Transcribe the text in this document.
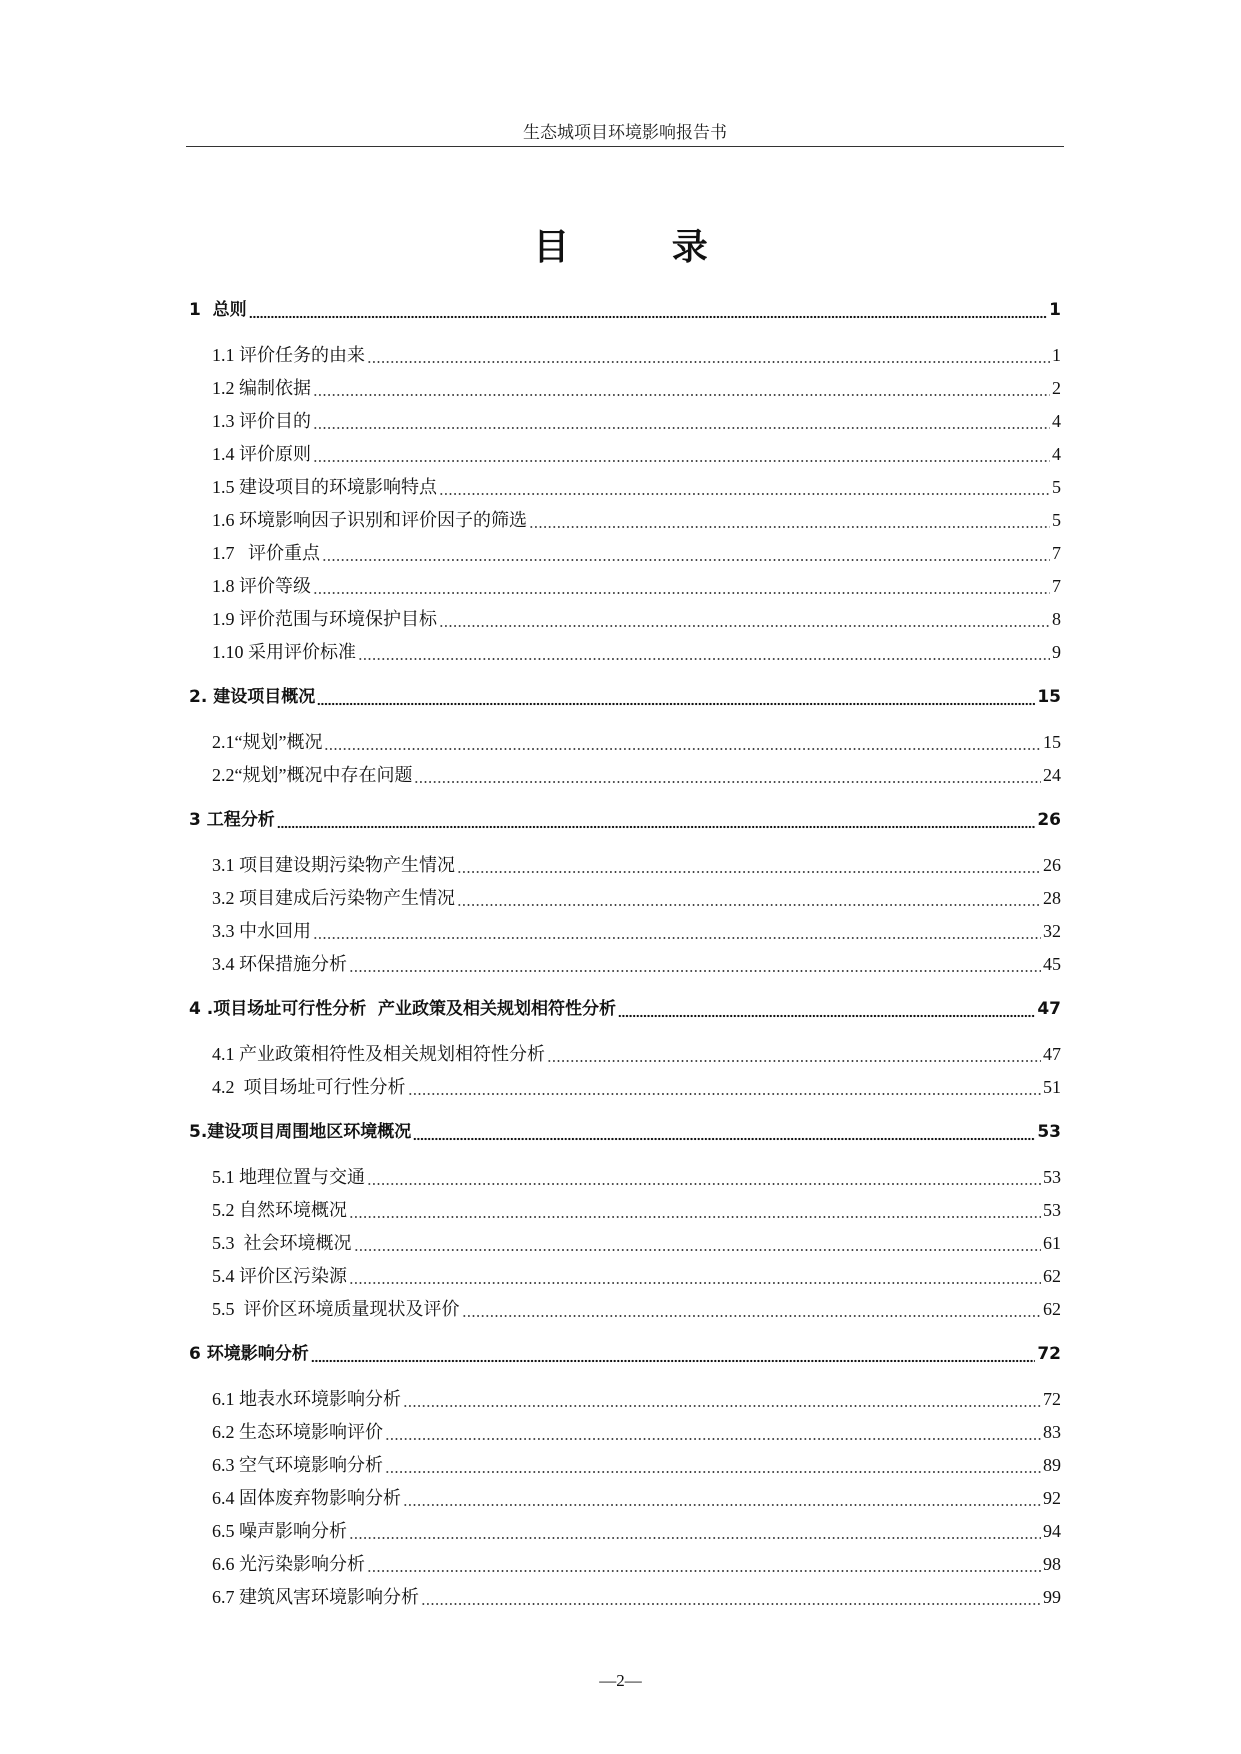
生态城项目环境影响报告书
目 录
1  总则	1
1.1 评价任务的由来	1
1.2 编制依据	2
1.3 评价目的	4
1.4 评价原则	4
1.5 建设项目的环境影响特点	5
1.6 环境影响因子识别和评价因子的筛选	5
1.7   评价重点	7
1.8 评价等级	7
1.9 评价范围与环境保护目标	8
1.10 采用评价标准	9
2. 建设项目概况	15
2.1“规划”概况	15
2.2“规划”概况中存在问题	24
3 工程分析	26
3.1 项目建设期污染物产生情况	26
3.2 项目建成后污染物产生情况	28
3.3 中水回用	32
3.4 环保措施分析	45
4 .项目场址可行性分析  产业政策及相关规划相符性分析	47
4.1 产业政策相符性及相关规划相符性分析	47
4.2  项目场址可行性分析	51
5.建设项目周围地区环境概况	53
5.1 地理位置与交通	53
5.2 自然环境概况	53
5.3  社会环境概况	61
5.4 评价区污染源	62
5.5  评价区环境质量现状及评价	62
6 环境影响分析	72
6.1 地表水环境影响分析	72
6.2 生态环境影响评价	83
6.3 空气环境影响分析	89
6.4 固体废弃物影响分析	92
6.5 噪声影响分析	94
6.6 光污染影响分析	98
6.7 建筑风害环境影响分析	99
—2—
